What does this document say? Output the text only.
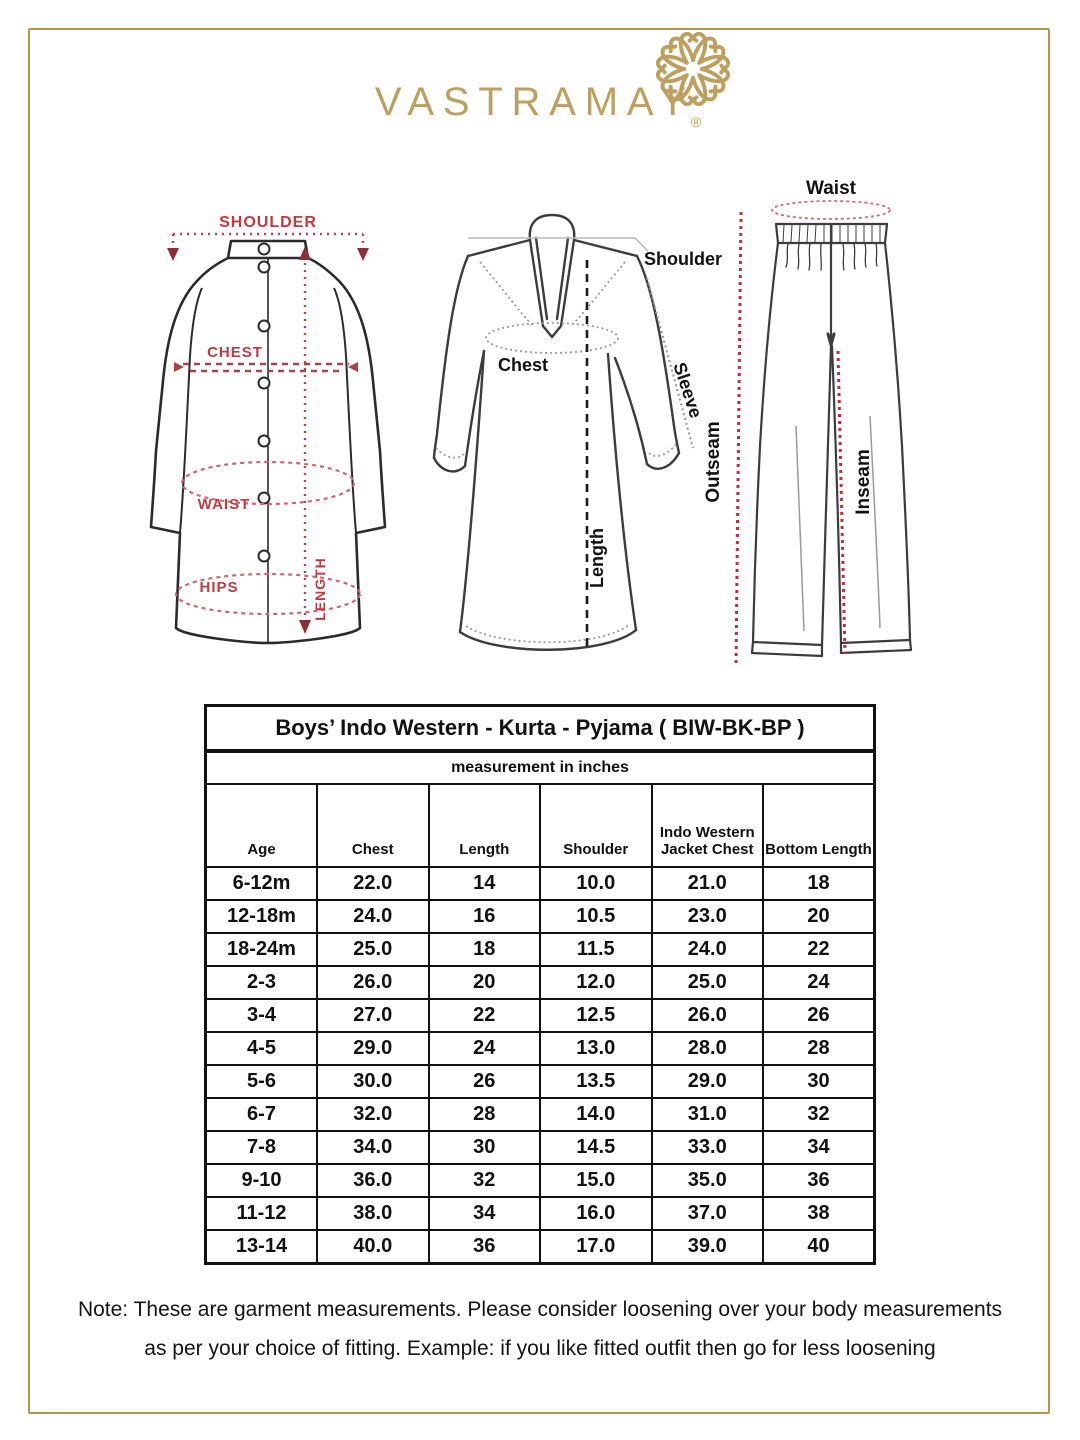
VASTRAMAY®
SHOULDER
CHEST
WAIST
HIPS	LENGTH
Shoulder
Chest	Sleeve
Length
Waist
Outseam	Inseam
Boys’ Indo Western - Kurta - Pyjama ( BIW-BK-BP )					
measurement in inches					
Age	Chest	Length	Shoulder	Indo Western Jacket Chest	Bottom Length
6-12m	22.0	14	10.0	21.0	18
12-18m	24.0	16	10.5	23.0	20
18-24m	25.0	18	11.5	24.0	22
2-3	26.0	20	12.0	25.0	24
3-4	27.0	22	12.5	26.0	26
4-5	29.0	24	13.0	28.0	28
5-6	30.0	26	13.5	29.0	30
6-7	32.0	28	14.0	31.0	32
7-8	34.0	30	14.5	33.0	34
9-10	36.0	32	15.0	35.0	36
11-12	38.0	34	16.0	37.0	38
13-14	40.0	36	17.0	39.0	40
Note: These are garment measurements. Please consider loosening over your body measurements
as per your choice of fitting. Example: if you like fitted outfit then go for less loosening
